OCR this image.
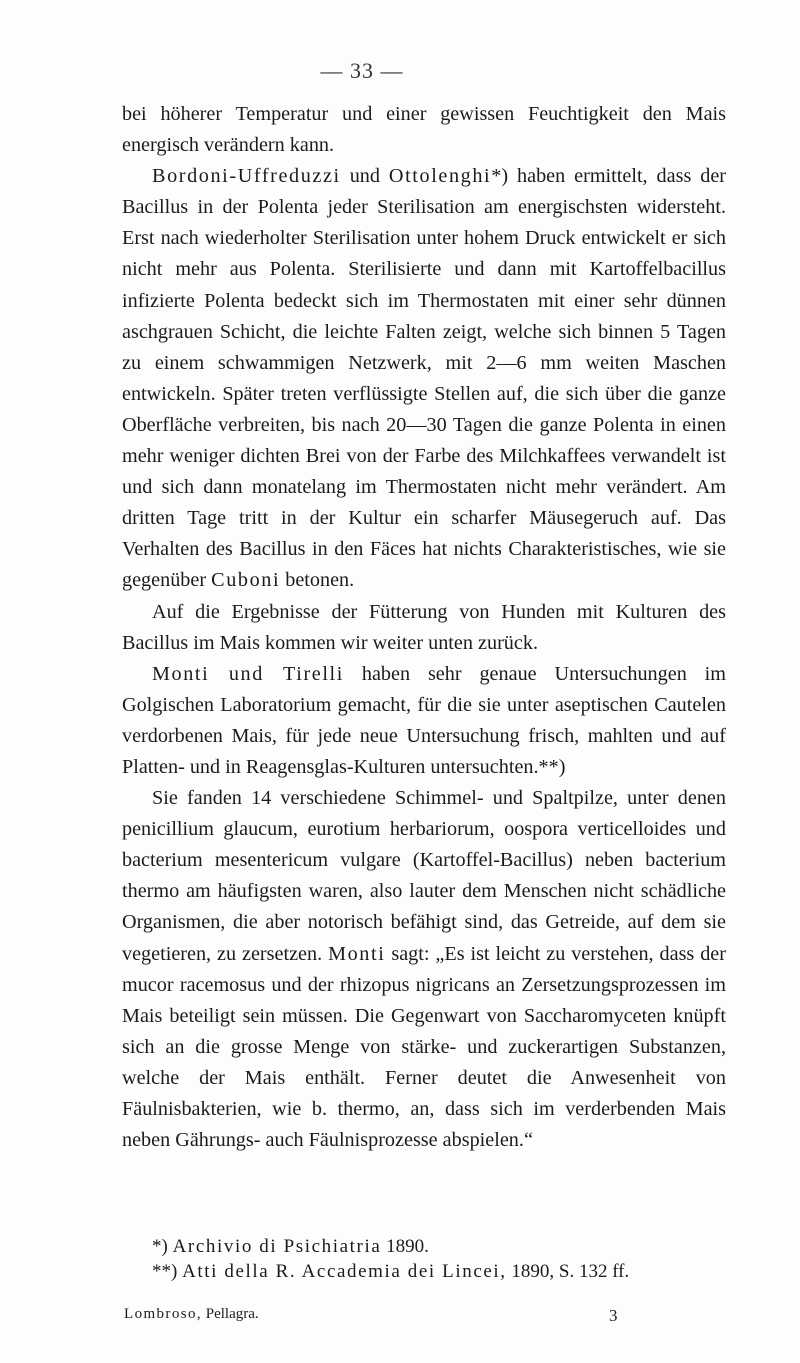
— 33 —

bei höherer Temperatur und einer gewissen Feuchtigkeit den Mais energisch verändern kann.

Bordoni-Uffreduzzi und Ottolenghi*) haben ermittelt, dass der Bacillus in der Polenta jeder Sterilisation am energischsten widersteht. Erst nach wiederholter Sterilisation unter hohem Druck entwickelt er sich nicht mehr aus Polenta. Sterilisierte und dann mit Kartoffelbacillus infizierte Polenta bedeckt sich im Thermostaten mit einer sehr dünnen aschgrauen Schicht, die leichte Falten zeigt, welche sich binnen 5 Tagen zu einem schwammigen Netzwerk, mit 2—6 mm weiten Maschen entwickeln. Später treten verflüssigte Stellen auf, die sich über die ganze Oberfläche verbreiten, bis nach 20—30 Tagen die ganze Polenta in einen mehr weniger dichten Brei von der Farbe des Milchkaffees verwandelt ist und sich dann monatelang im Thermostaten nicht mehr verändert. Am dritten Tage tritt in der Kultur ein scharfer Mäusegeruch auf. Das Verhalten des Bacillus in den Fäces hat nichts Charakteristisches, wie sie gegenüber Cuboni betonen.

Auf die Ergebnisse der Fütterung von Hunden mit Kulturen des Bacillus im Mais kommen wir weiter unten zurück.

Monti und Tirelli haben sehr genaue Untersuchungen im Golgischen Laboratorium gemacht, für die sie unter aseptischen Cautelen verdorbenen Mais, für jede neue Untersuchung frisch, mahlten und auf Platten- und in Reagensglas-Kulturen untersuchten.**)

Sie fanden 14 verschiedene Schimmel- und Spaltpilze, unter denen penicillium glaucum, eurotium herbariorum, oospora verticelloides und bacterium mesentericum vulgare (Kartoffel-Bacillus) neben bacterium thermo am häufigsten waren, also lauter dem Menschen nicht schädliche Organismen, die aber notorisch befähigt sind, das Getreide, auf dem sie vegetieren, zu zersetzen. Monti sagt: „Es ist leicht zu verstehen, dass der mucor racemosus und der rhizopus nigricans an Zersetzungsprozessen im Mais beteiligt sein müssen. Die Gegenwart von Saccharomyceten knüpft sich an die grosse Menge von stärke- und zuckerartigen Substanzen, welche der Mais enthält. Ferner deutet die Anwesenheit von Fäulnisbakterien, wie b. thermo, an, dass sich im verderbenden Mais neben Gährungs- auch Fäulnisprozesse abspielen.“

*) Archivio di Psichiatria 1890.

**) Atti della R. Accademia dei Lincei, 1890, S. 132 ff.

Lombroso, Pellagra.	3
